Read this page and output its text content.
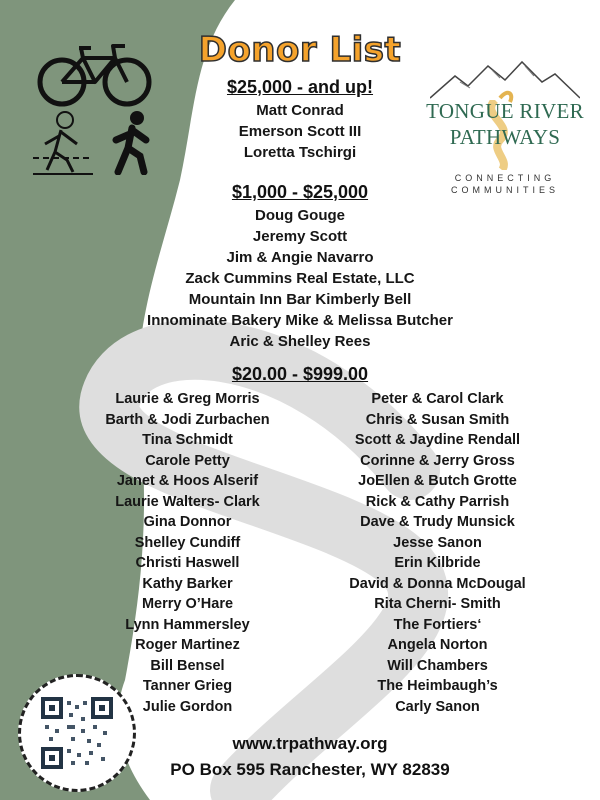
Donor List
$25,000 - and up!
Matt Conrad
Emerson Scott III
Loretta Tschirgi
$1,000 - $25,000
Doug Gouge
Jeremy Scott
Jim & Angie Navarro
Zack Cummins Real Estate, LLC
Mountain Inn Bar Kimberly Bell
Innominate Bakery Mike & Melissa Butcher
Aric & Shelley Rees
$20.00 - $999.00
Laurie & Greg Morris
Barth & Jodi Zurbachen
Tina Schmidt
Carole Petty
Janet & Hoos Alserif
Laurie Walters- Clark
Gina Donnor
Shelley Cundiff
Christi Haswell
Kathy Barker
Merry O’Hare
Lynn Hammersley
Roger Martinez
Bill Bensel
Tanner Grieg
Julie Gordon
Peter & Carol Clark
Chris & Susan Smith
Scott & Jaydine Rendall
Corinne & Jerry Gross
JoEllen & Butch Grotte
Rick & Cathy Parrish
Dave & Trudy Munsick
Jesse Sanon
Erin Kilbride
David & Donna McDougal
Rita Cherni- Smith
The Fortiers‘
Angela Norton
Will Chambers
The Heimbaugh’s
Carly Sanon
TONGUE RIVER
PATHWAYS
CONNECTING
COMMUNITIES
www.trpathway.org
PO Box 595 Ranchester, WY 82839
